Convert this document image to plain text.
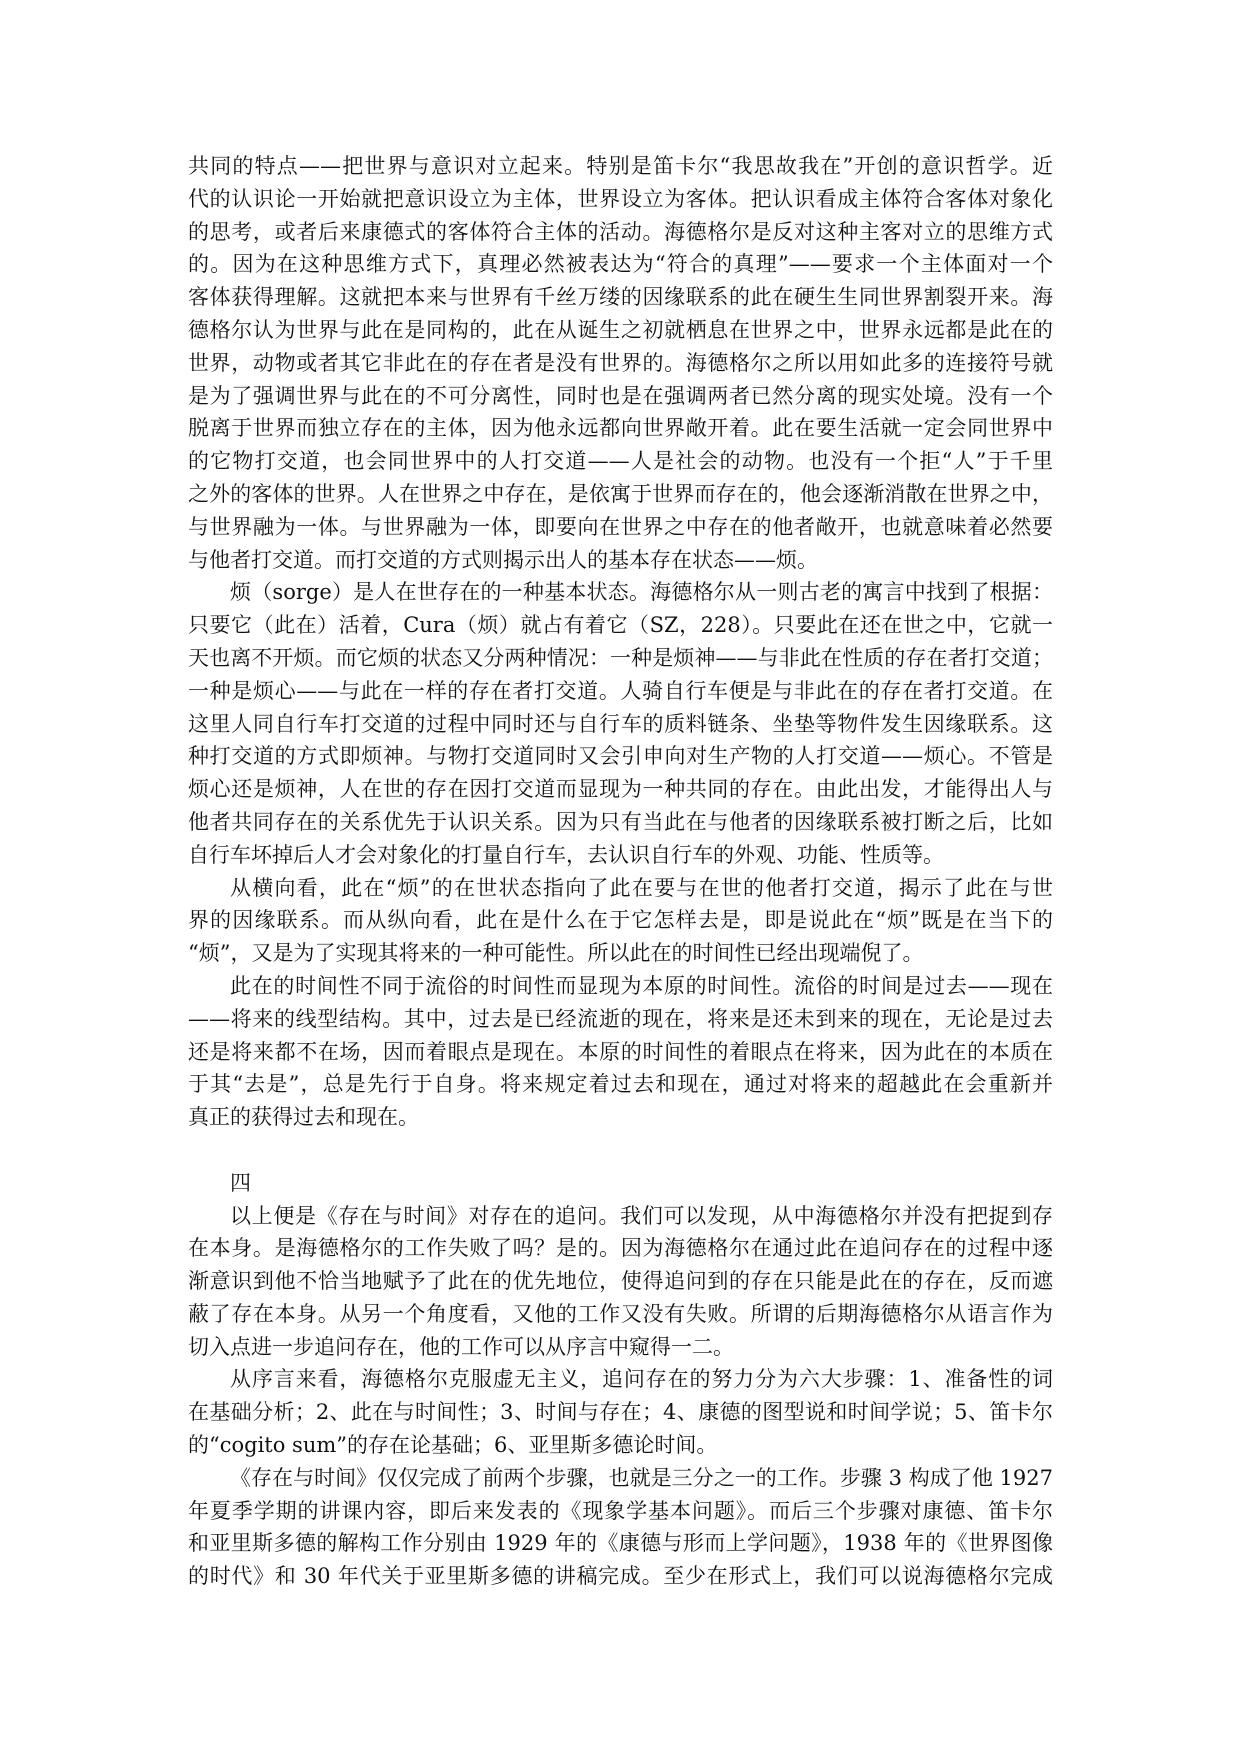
共同的特点——把世界与意识对立起来。特别是笛卡尔“我思故我在”开创的意识哲学。近
代的认识论一开始就把意识设立为主体，世界设立为客体。把认识看成主体符合客体对象化
的思考，或者后来康德式的客体符合主体的活动。海德格尔是反对这种主客对立的思维方式
的。因为在这种思维方式下，真理必然被表达为“符合的真理”——要求一个主体面对一个
客体获得理解。这就把本来与世界有千丝万缕的因缘联系的此在硬生生同世界割裂开来。海
德格尔认为世界与此在是同构的，此在从诞生之初就栖息在世界之中，世界永远都是此在的
世界，动物或者其它非此在的存在者是没有世界的。海德格尔之所以用如此多的连接符号就
是为了强调世界与此在的不可分离性，同时也是在强调两者已然分离的现实处境。没有一个
脱离于世界而独立存在的主体，因为他永远都向世界敞开着。此在要生活就一定会同世界中
的它物打交道，也会同世界中的人打交道——人是社会的动物。也没有一个拒“人”于千里
之外的客体的世界。人在世界之中存在，是依寓于世界而存在的，他会逐渐消散在世界之中，
与世界融为一体。与世界融为一体，即要向在世界之中存在的他者敞开，也就意味着必然要
与他者打交道。而打交道的方式则揭示出人的基本存在状态——烦。
烦（sorge）是人在世存在的一种基本状态。海德格尔从一则古老的寓言中找到了根据：
只要它（此在）活着，Cura（烦）就占有着它（SZ，228）。只要此在还在世之中，它就一
天也离不开烦。而它烦的状态又分两种情况：一种是烦神——与非此在性质的存在者打交道；
一种是烦心——与此在一样的存在者打交道。人骑自行车便是与非此在的存在者打交道。在
这里人同自行车打交道的过程中同时还与自行车的质料链条、坐垫等物件发生因缘联系。这
种打交道的方式即烦神。与物打交道同时又会引申向对生产物的人打交道——烦心。不管是
烦心还是烦神，人在世的存在因打交道而显现为一种共同的存在。由此出发，才能得出人与
他者共同存在的关系优先于认识关系。因为只有当此在与他者的因缘联系被打断之后，比如
自行车坏掉后人才会对象化的打量自行车，去认识自行车的外观、功能、性质等。
从横向看，此在“烦”的在世状态指向了此在要与在世的他者打交道，揭示了此在与世
界的因缘联系。而从纵向看，此在是什么在于它怎样去是，即是说此在“烦”既是在当下的
“烦”，又是为了实现其将来的一种可能性。所以此在的时间性已经出现端倪了。
此在的时间性不同于流俗的时间性而显现为本原的时间性。流俗的时间是过去——现在
——将来的线型结构。其中，过去是已经流逝的现在，将来是还未到来的现在，无论是过去
还是将来都不在场，因而着眼点是现在。本原的时间性的着眼点在将来，因为此在的本质在
于其“去是”，总是先行于自身。将来规定着过去和现在，通过对将来的超越此在会重新并
真正的获得过去和现在。
四
以上便是《存在与时间》对存在的追问。我们可以发现，从中海德格尔并没有把捉到存
在本身。是海德格尔的工作失败了吗？是的。因为海德格尔在通过此在追问存在的过程中逐
渐意识到他不恰当地赋予了此在的优先地位，使得追问到的存在只能是此在的存在，反而遮
蔽了存在本身。从另一个角度看，又他的工作又没有失败。所谓的后期海德格尔从语言作为
切入点进一步追问存在，他的工作可以从序言中窥得一二。
从序言来看，海德格尔克服虚无主义，追问存在的努力分为六大步骤：1、准备性的词
在基础分析；2、此在与时间性；3、时间与存在；4、康德的图型说和时间学说；5、笛卡尔
的“cogito sum”的存在论基础；6、亚里斯多德论时间。
《存在与时间》仅仅完成了前两个步骤，也就是三分之一的工作。步骤 3 构成了他 1927
年夏季学期的讲课内容，即后来发表的《现象学基本问题》。而后三个步骤对康德、笛卡尔
和亚里斯多德的解构工作分别由 1929 年的《康德与形而上学问题》，1938 年的《世界图像
的时代》和 30 年代关于亚里斯多德的讲稿完成。至少在形式上，我们可以说海德格尔完成
